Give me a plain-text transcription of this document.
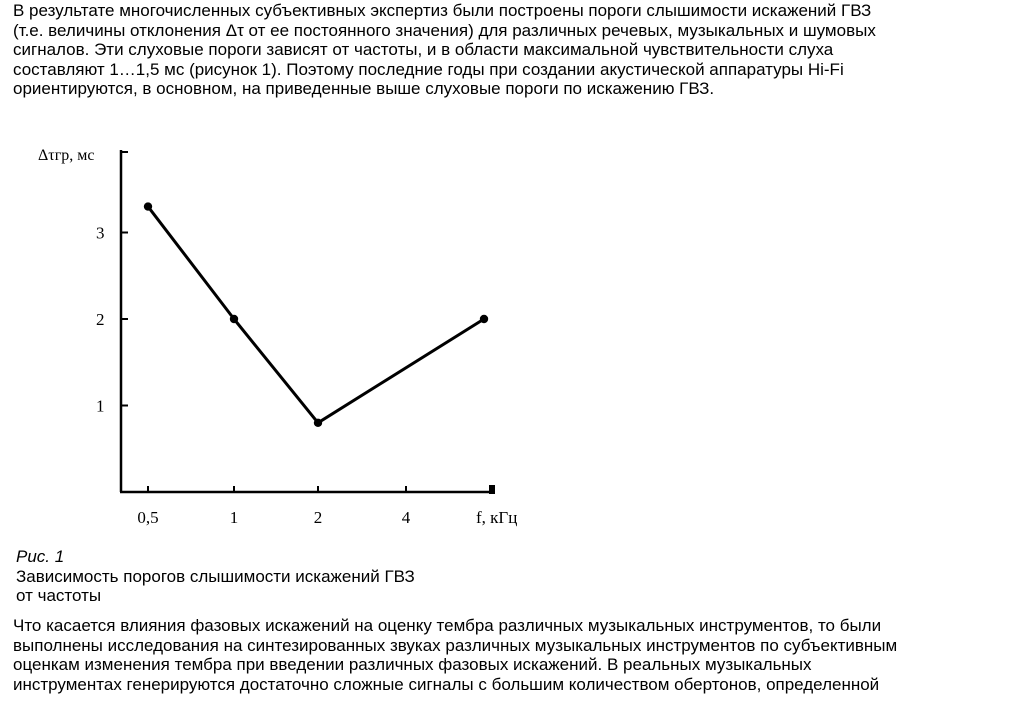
В результате многочисленных субъективных экспертиз были построены пороги слышимости искажений ГВЗ
(т.е. величины отклонения Δτ от ее постоянного значения) для различных речевых, музыкальных и шумовых
сигналов. Эти слуховые пороги зависят от частоты, и в области максимальной чувствительности слуха
составляют 1…1,5 мс (рисунок 1). Поэтому последние годы при создании акустической аппаратуры Hi-Fi
ориентируются, в основном, на приведенные выше слуховые пороги по искажению ГВЗ.
Δτгр, мс
f, кГц
1
2
3
0,5	1	2	4
Рис. 1
Зависимость порогов слышимости искажений ГВЗ
от частоты
Что касается влияния фазовых искажений на оценку тембра различных музыкальных инструментов, то были
выполнены исследования на синтезированных звуках различных музыкальных инструментов по субъективным
оценкам изменения тембра при введении различных фазовых искажений. В реальных музыкальных
инструментах генерируются достаточно сложные сигналы с большим количеством обертонов, определенной
